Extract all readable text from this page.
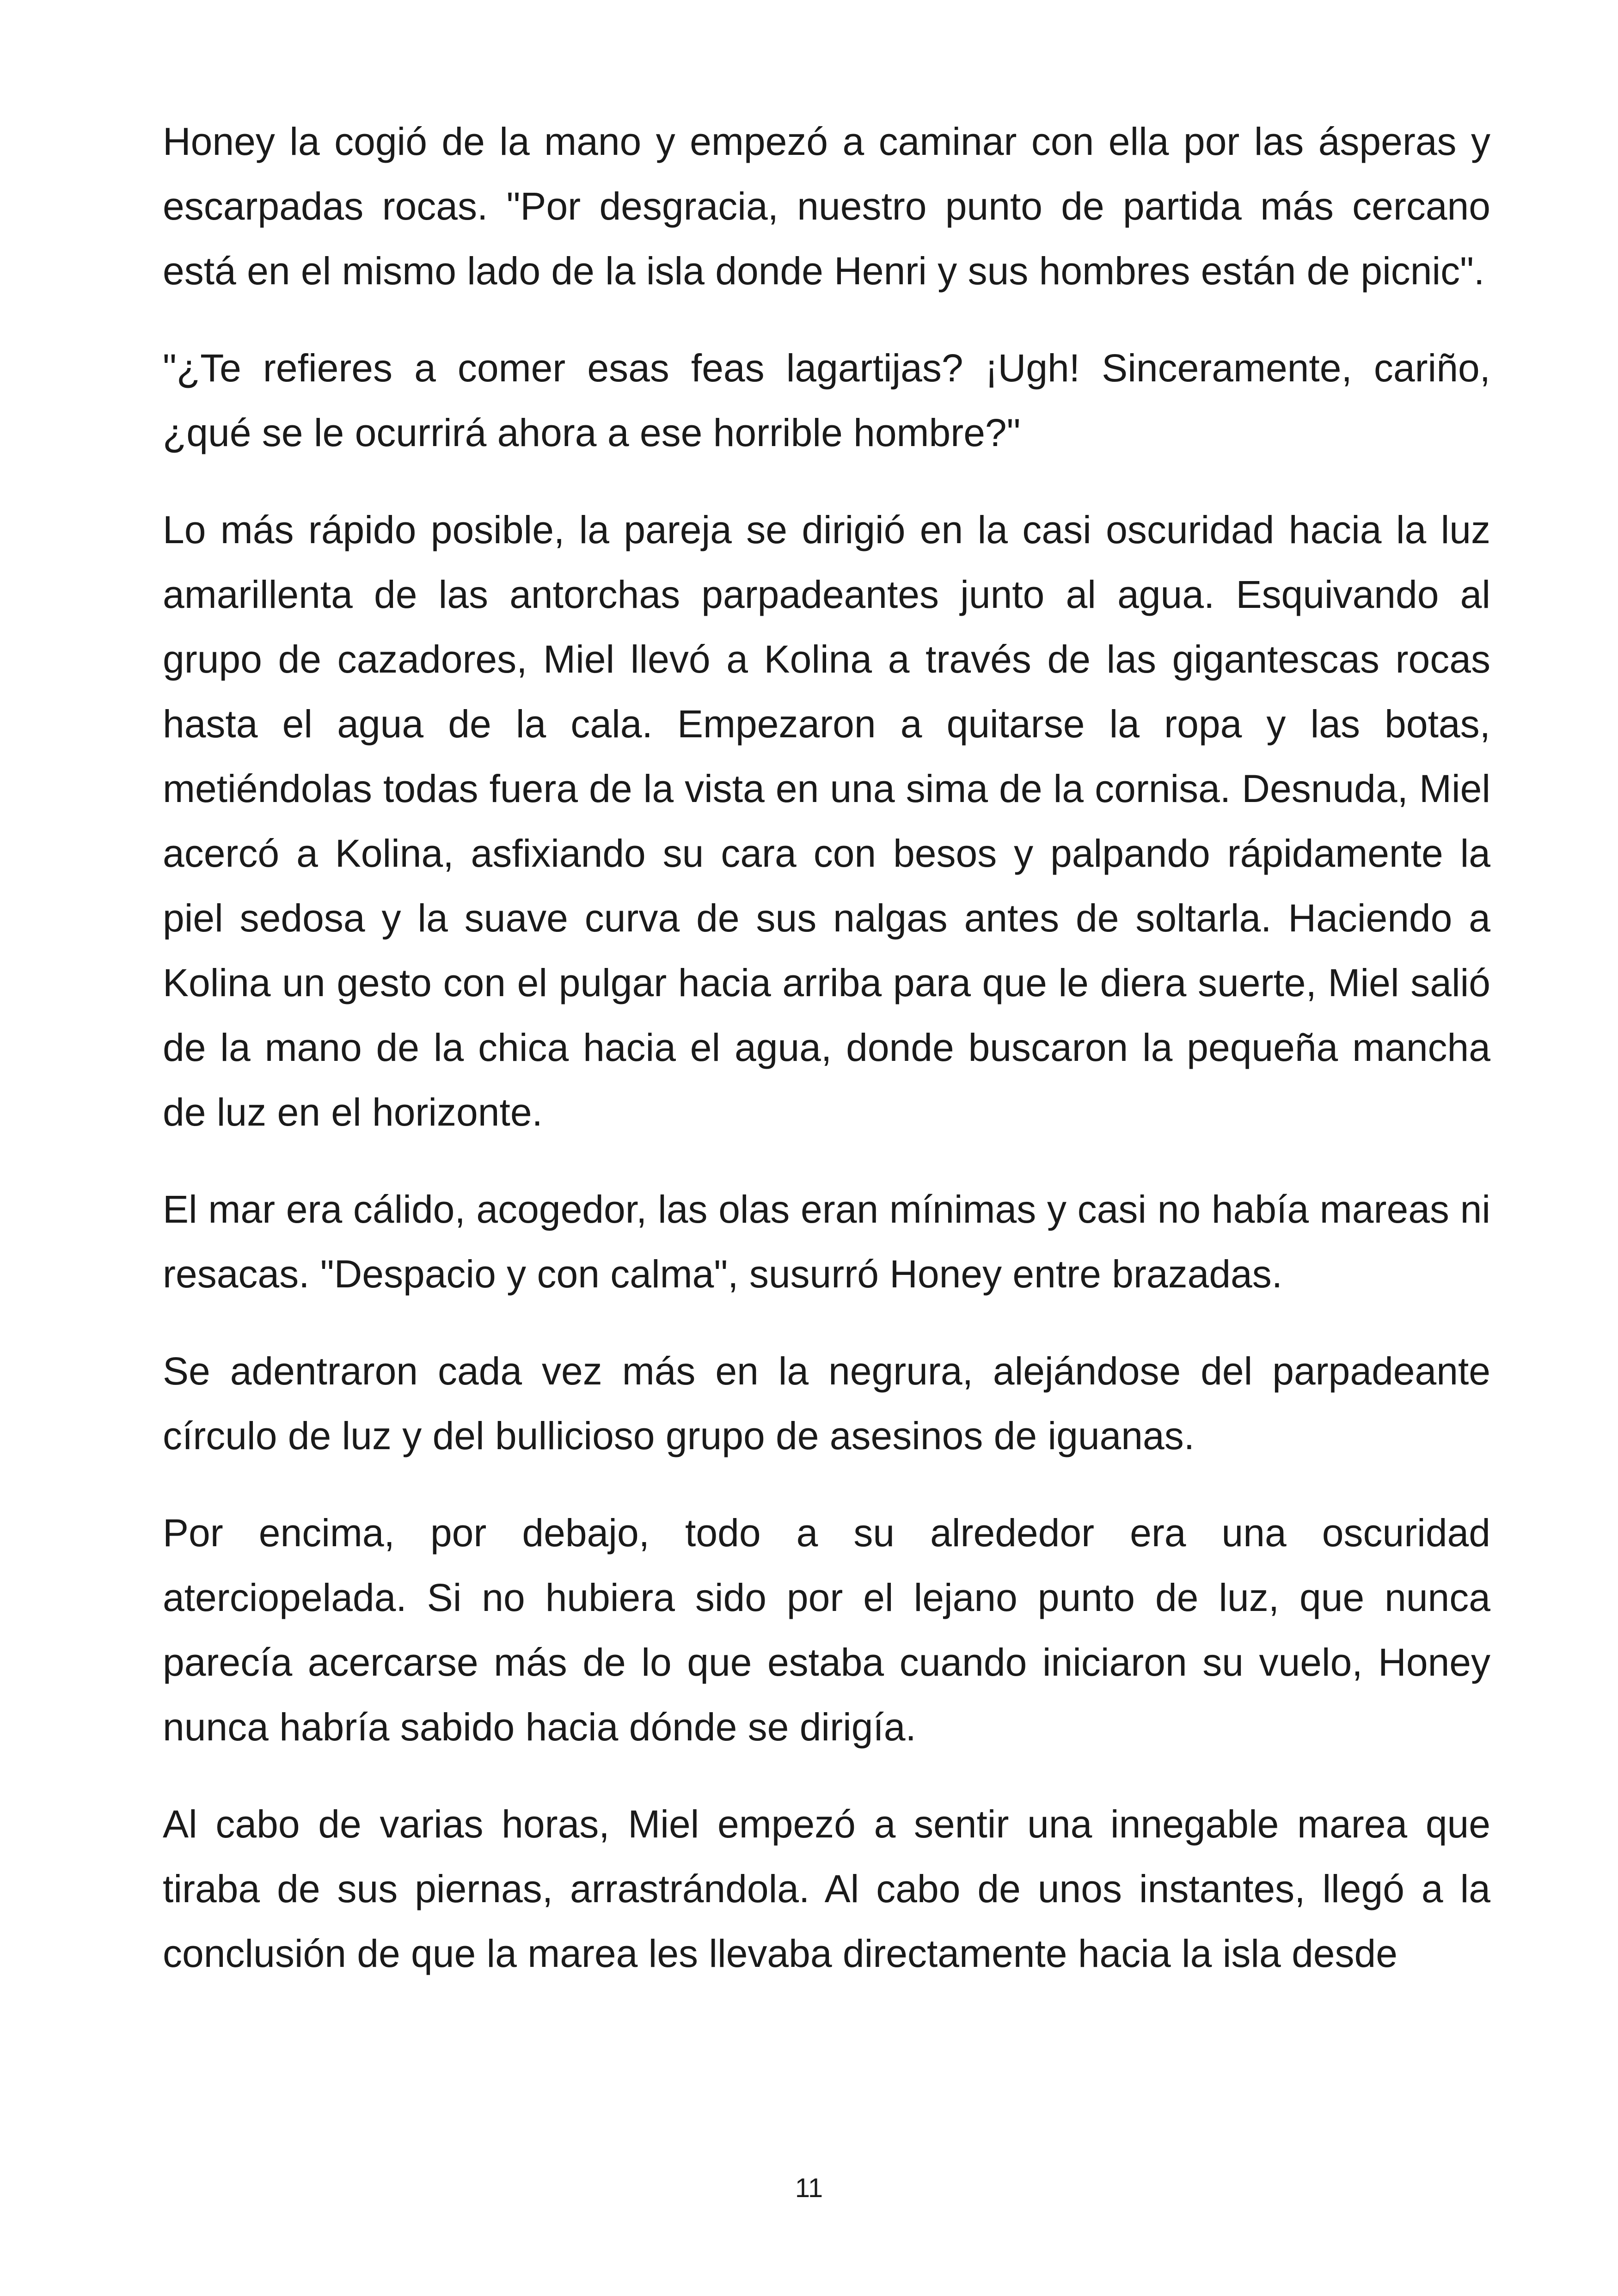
Honey la cogió de la mano y empezó a caminar con ella por las ásperas y escarpadas rocas. "Por desgracia, nuestro punto de partida más cercano está en el mismo lado de la isla donde Henri y sus hombres están de picnic".

"¿Te refieres a comer esas feas lagartijas? ¡Ugh! Sinceramente, cariño, ¿qué se le ocurrirá ahora a ese horrible hombre?"

Lo más rápido posible, la pareja se dirigió en la casi oscuridad hacia la luz amarillenta de las antorchas parpadeantes junto al agua. Esquivando al grupo de cazadores, Miel llevó a Kolina a través de las gigantescas rocas hasta el agua de la cala. Empezaron a quitarse la ropa y las botas, metiéndolas todas fuera de la vista en una sima de la cornisa. Desnuda, Miel acercó a Kolina, asfixiando su cara con besos y palpando rápidamente la piel sedosa y la suave curva de sus nalgas antes de soltarla. Haciendo a Kolina un gesto con el pulgar hacia arriba para que le diera suerte, Miel salió de la mano de la chica hacia el agua, donde buscaron la pequeña mancha de luz en el horizonte.

El mar era cálido, acogedor, las olas eran mínimas y casi no había mareas ni resacas. "Despacio y con calma", susurró Honey entre brazadas.

Se adentraron cada vez más en la negrura, alejándose del parpadeante círculo de luz y del bullicioso grupo de asesinos de iguanas.

Por encima, por debajo, todo a su alrededor era una oscuridad aterciopelada. Si no hubiera sido por el lejano punto de luz, que nunca parecía acercarse más de lo que estaba cuando iniciaron su vuelo, Honey nunca habría sabido hacia dónde se dirigía.

Al cabo de varias horas, Miel empezó a sentir una innegable marea que tiraba de sus piernas, arrastrándola. Al cabo de unos instantes, llegó a la conclusión de que la marea les llevaba directamente hacia la isla desde

11
